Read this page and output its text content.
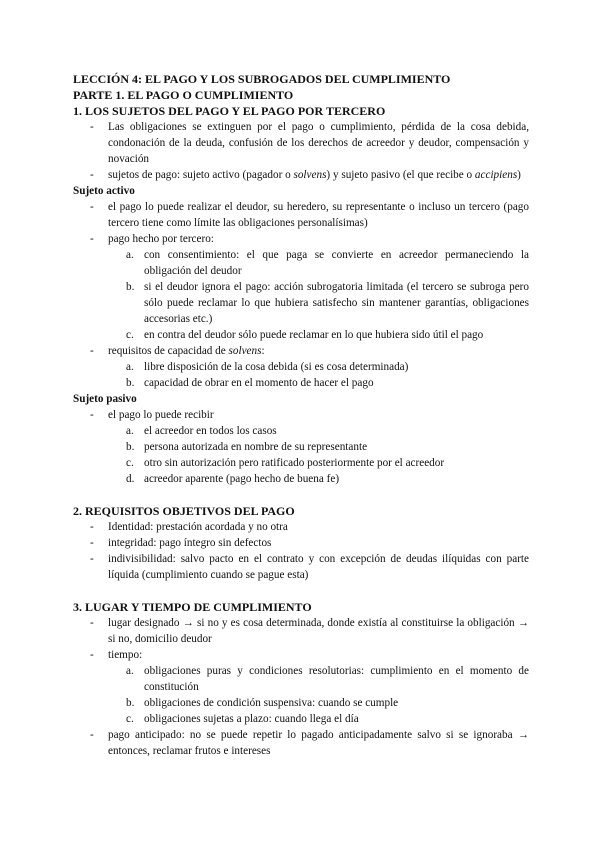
LECCIÓN 4: EL PAGO Y LOS SUBROGADOS DEL CUMPLIMIENTO
PARTE 1. EL PAGO O CUMPLIMIENTO
1. LOS SUJETOS DEL PAGO Y EL PAGO POR TERCERO
- Las obligaciones se extinguen por el pago o cumplimiento, pérdida de la cosa debida, condonación de la deuda, confusión de los derechos de acreedor y deudor, compensación y novación
- sujetos de pago: sujeto activo (pagador o solvens) y sujeto pasivo (el que recibe o accipiens)
Sujeto activo
- el pago lo puede realizar el deudor, su heredero, su representante o incluso un tercero (pago tercero tiene como límite las obligaciones personalísimas)
- pago hecho por tercero:
a. con consentimiento: el que paga se convierte en acreedor permaneciendo la obligación del deudor
b. si el deudor ignora el pago: acción subrogatoria limitada (el tercero se subroga pero sólo puede reclamar lo que hubiera satisfecho sin mantener garantías, obligaciones accesorias etc.)
c. en contra del deudor sólo puede reclamar en lo que hubiera sido útil el pago
- requisitos de capacidad de solvens:
a. libre disposición de la cosa debida (si es cosa determinada)
b. capacidad de obrar en el momento de hacer el pago
Sujeto pasivo
- el pago lo puede recibir
a. el acreedor en todos los casos
b. persona autorizada en nombre de su representante
c. otro sin autorización pero ratificado posteriormente por el acreedor
d. acreedor aparente (pago hecho de buena fe)
2. REQUISITOS OBJETIVOS DEL PAGO
- Identidad: prestación acordada y no otra
- integridad: pago íntegro sin defectos
- indivisibilidad: salvo pacto en el contrato y con excepción de deudas ilíquidas con parte líquida (cumplimiento cuando se pague esta)
3. LUGAR Y TIEMPO DE CUMPLIMIENTO
- lugar designado → si no y es cosa determinada, donde existía al constituirse la obligación → si no, domicilio deudor
- tiempo:
a. obligaciones puras y condiciones resolutorias: cumplimiento en el momento de constitución
b. obligaciones de condición suspensiva: cuando se cumple
c. obligaciones sujetas a plazo: cuando llega el día
- pago anticipado: no se puede repetir lo pagado anticipadamente salvo si se ignoraba → entonces, reclamar frutos e intereses
